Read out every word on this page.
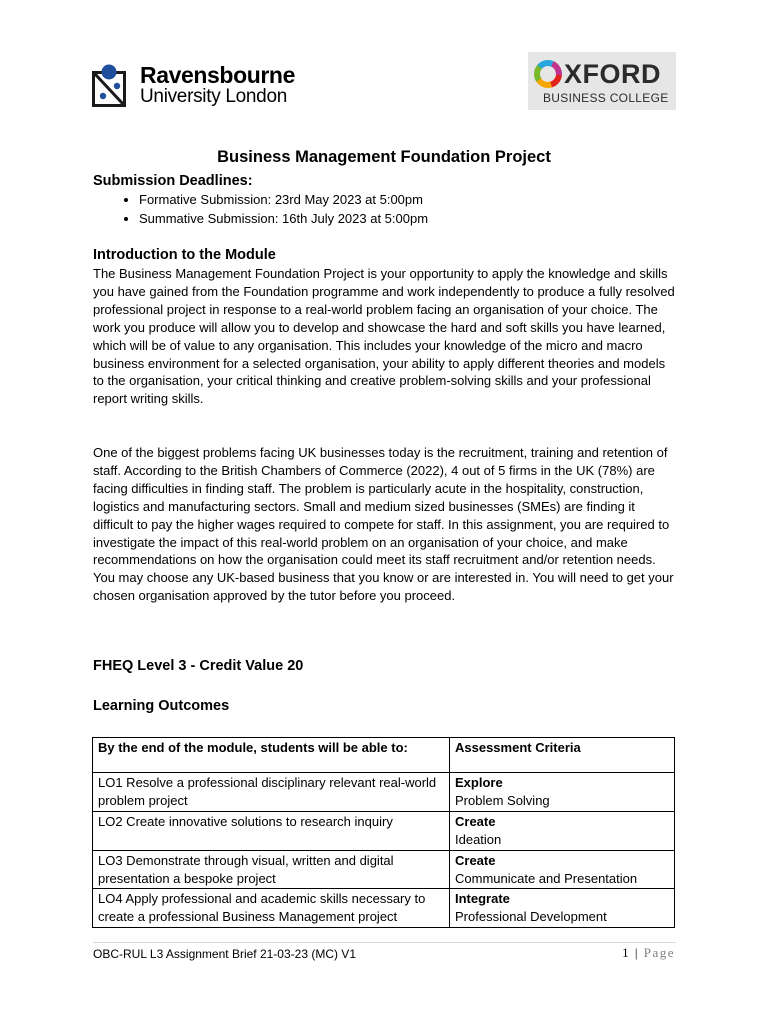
Ravensbourne
University London
XFORD
BUSINESS COLLEGE
Business Management Foundation Project
Submission Deadlines:
• Formative Submission: 23rd May 2023 at 5:00pm
• Summative Submission: 16th July 2023 at 5:00pm
Introduction to the Module

The Business Management Foundation Project is your opportunity to apply the knowledge and skills you have gained from the Foundation programme and work independently to produce a fully resolved professional project in response to a real-world problem facing an organisation of your choice. The work you produce will allow you to develop and showcase the hard and soft skills you have learned, which will be of value to any organisation. This includes your knowledge of the micro and macro business environment for a selected organisation, your ability to apply different theories and models to the organisation, your critical thinking and creative problem-solving skills and your professional report writing skills.

One of the biggest problems facing UK businesses today is the recruitment, training and retention of staff. According to the British Chambers of Commerce (2022), 4 out of 5 firms in the UK (78%) are facing difficulties in finding staff. The problem is particularly acute in the hospitality, construction, logistics and manufacturing sectors. Small and medium sized businesses (SMEs) are finding it difficult to pay the higher wages required to compete for staff. In this assignment, you are required to investigate the impact of this real-world problem on an organisation of your choice, and make recommendations on how the organisation could meet its staff recruitment and/or retention needs. You may choose any UK-based business that you know or are interested in. You will need to get your chosen organisation approved by the tutor before you proceed.

FHEQ Level 3 - Credit Value 20
Learning Outcomes
By the end of the module, students will be able to:	Assessment Criteria
LO1 Resolve a professional disciplinary relevant real-world problem project	Explore
Problem Solving

LO2 Create innovative solutions to research inquiry	Create
Ideation

LO3 Demonstrate through visual, written and digital presentation a bespoke project	Create
Communicate and Presentation

LO4 Apply professional and academic skills necessary to create a professional Business Management project	Integrate
Professional Development
OBC-RUL L3 Assignment Brief 21-03-23 (MC) V1	1 | Page
